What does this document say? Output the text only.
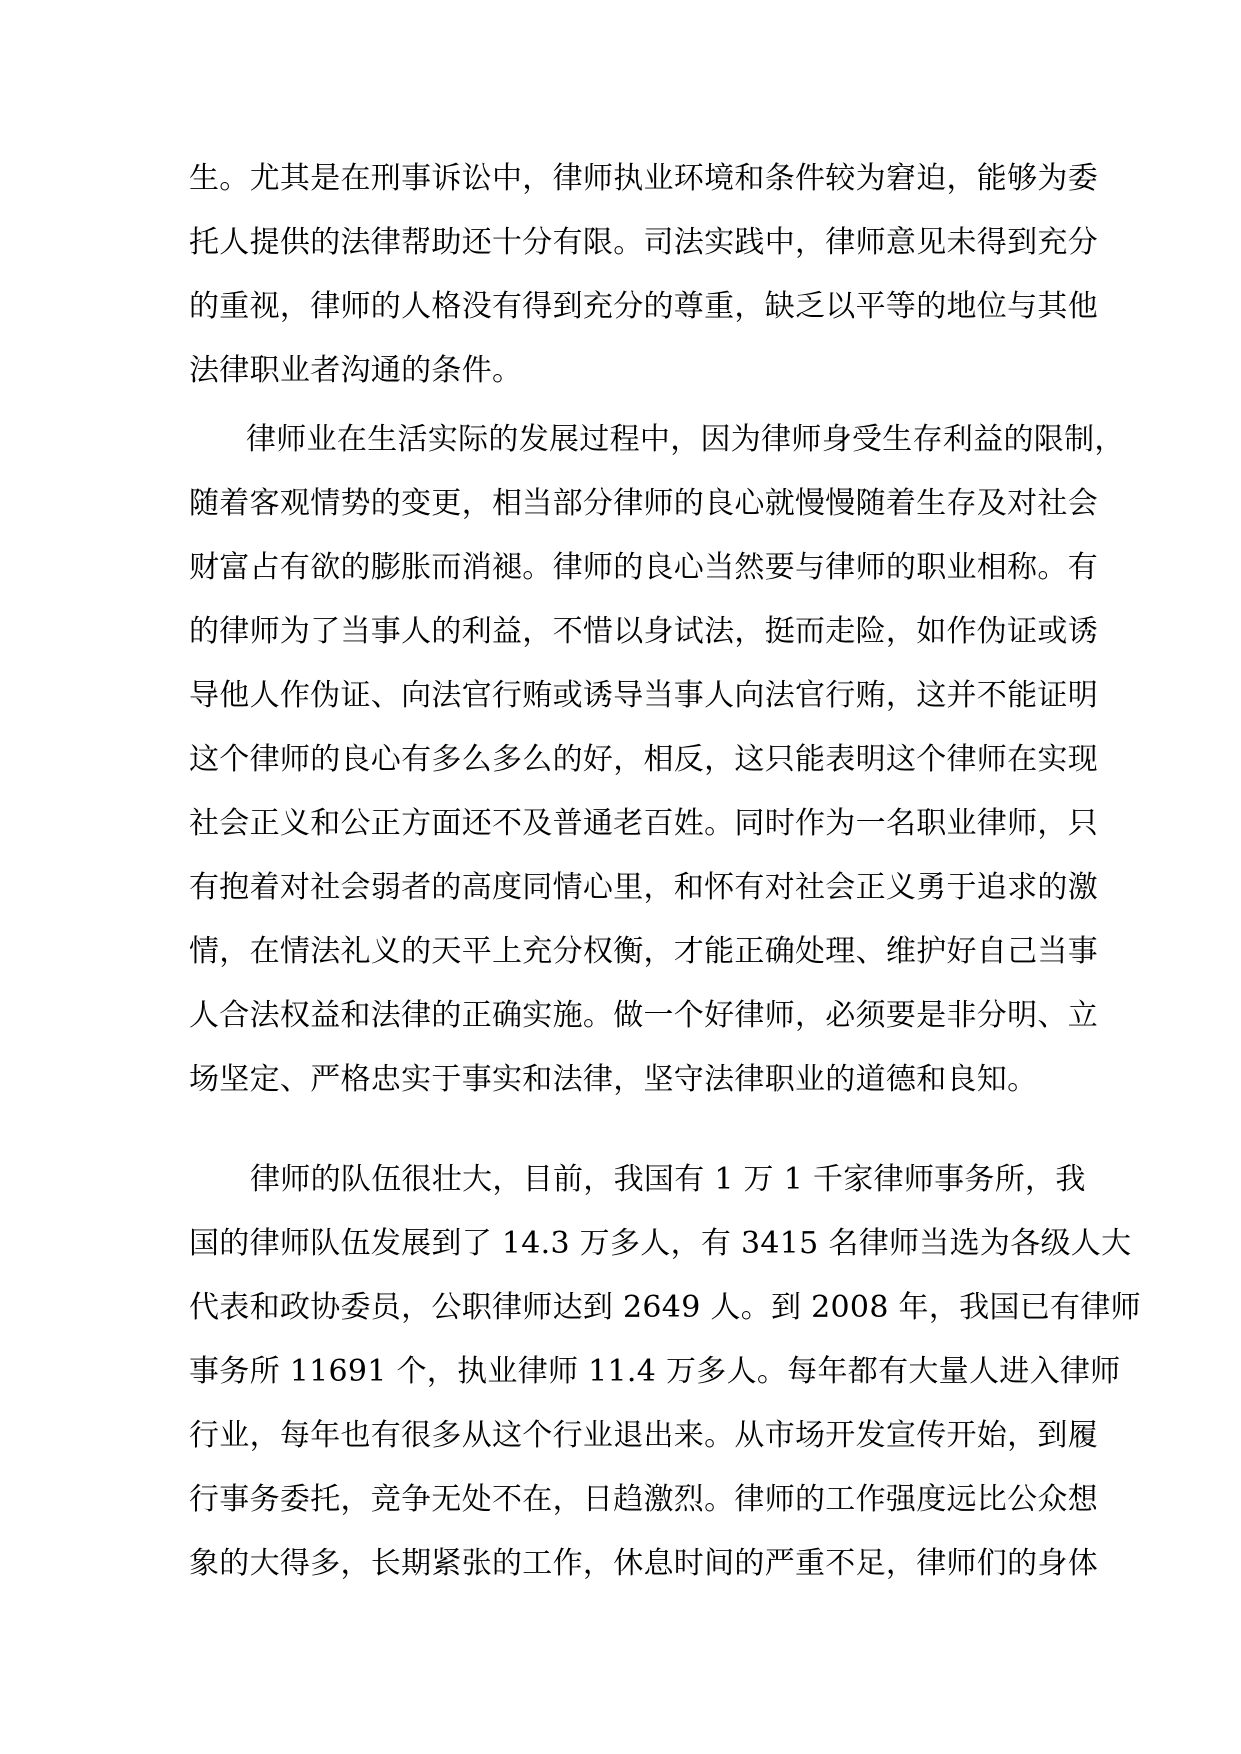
生。尤其是在刑事诉讼中，律师执业环境和条件较为窘迫，能够为委
托人提供的法律帮助还十分有限。司法实践中，律师意见未得到充分
的重视，律师的人格没有得到充分的尊重，缺乏以平等的地位与其他
法律职业者沟通的条件。
律师业在生活实际的发展过程中，因为律师身受生存利益的限制，
随着客观情势的变更，相当部分律师的良心就慢慢随着生存及对社会
财富占有欲的膨胀而消褪。律师的良心当然要与律师的职业相称。有
的律师为了当事人的利益，不惜以身试法，挺而走险，如作伪证或诱
导他人作伪证、向法官行贿或诱导当事人向法官行贿，这并不能证明
这个律师的良心有多么多么的好，相反，这只能表明这个律师在实现
社会正义和公正方面还不及普通老百姓。同时作为一名职业律师，只
有抱着对社会弱者的高度同情心里，和怀有对社会正义勇于追求的激
情，在情法礼义的天平上充分权衡，才能正确处理、维护好自己当事
人合法权益和法律的正确实施。做一个好律师，必须要是非分明、立
场坚定、严格忠实于事实和法律，坚守法律职业的道德和良知。
律师的队伍很壮大，目前，我国有 1 万 1 千家律师事务所，我
国的律师队伍发展到了 14.3 万多人，有 3415 名律师当选为各级人大
代表和政协委员，公职律师达到 2649 人。到 2008 年，我国已有律师
事务所 11691 个，执业律师 11.4 万多人。每年都有大量人进入律师
行业，每年也有很多从这个行业退出来。从市场开发宣传开始，到履
行事务委托，竞争无处不在，日趋激烈。律师的工作强度远比公众想
象的大得多，长期紧张的工作，休息时间的严重不足，律师们的身体
